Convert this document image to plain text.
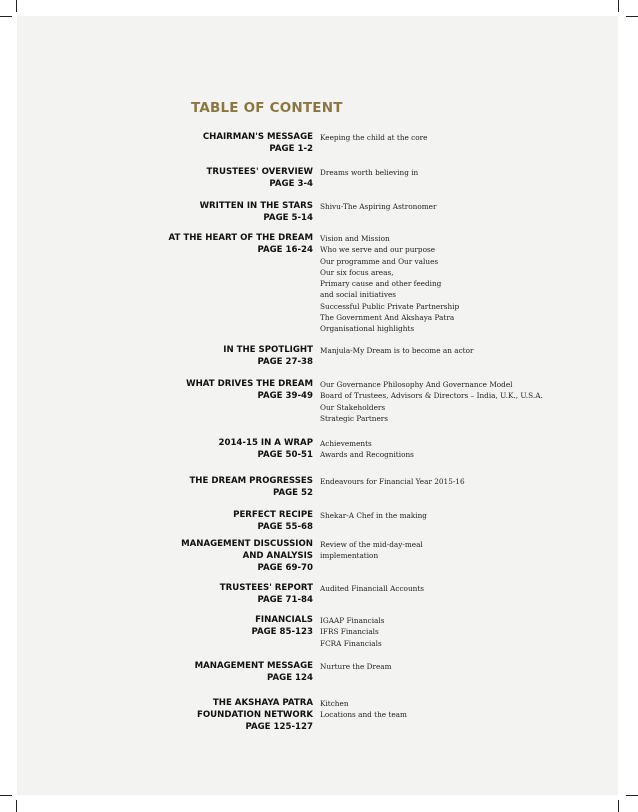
TABLE OF CONTENT
CHAIRMAN'S MESSAGE
PAGE 1-2
Keeping the child at the core
TRUSTEES' OVERVIEW
PAGE 3-4
Dreams worth believing in
WRITTEN IN THE STARS
PAGE 5-14
Shivu-The Aspiring Astronomer
AT THE HEART OF THE DREAM
PAGE 16-24
Vision and Mission
Who we serve and our purpose
Our programme and Our values
Our six focus areas,
Primary cause and other feeding
and social initiatives
Successful Public Private Partnership
The Government And Akshaya Patra
Organisational highlights
IN THE SPOTLIGHT
PAGE 27-38
Manjula-My Dream is to become an actor
WHAT DRIVES THE DREAM
PAGE 39-49
Our Governance Philosophy And Governance Model
Board of Trustees, Advisors & Directors – India, U.K., U.S.A.
Our Stakeholders
Strategic Partners
2014-15 IN A WRAP
PAGE 50-51
Achievements
Awards and Recognitions
THE DREAM PROGRESSES
PAGE 52
Endeavours for Financial Year 2015-16
PERFECT RECIPE
PAGE 55-68
Shekar-A Chef in the making
MANAGEMENT DISCUSSION
AND ANALYSIS
PAGE 69-70
Review of the mid-day-meal
implementation
TRUSTEES' REPORT
PAGE 71-84
Audited Financiall Accounts
FINANCIALS
PAGE 85-123
IGAAP Financials
IFRS Financials
FCRA Financials
MANAGEMENT MESSAGE
PAGE 124
Nurture the Dream
THE AKSHAYA PATRA
FOUNDATION NETWORK
PAGE 125-127
Kitchen
Locations and the team
